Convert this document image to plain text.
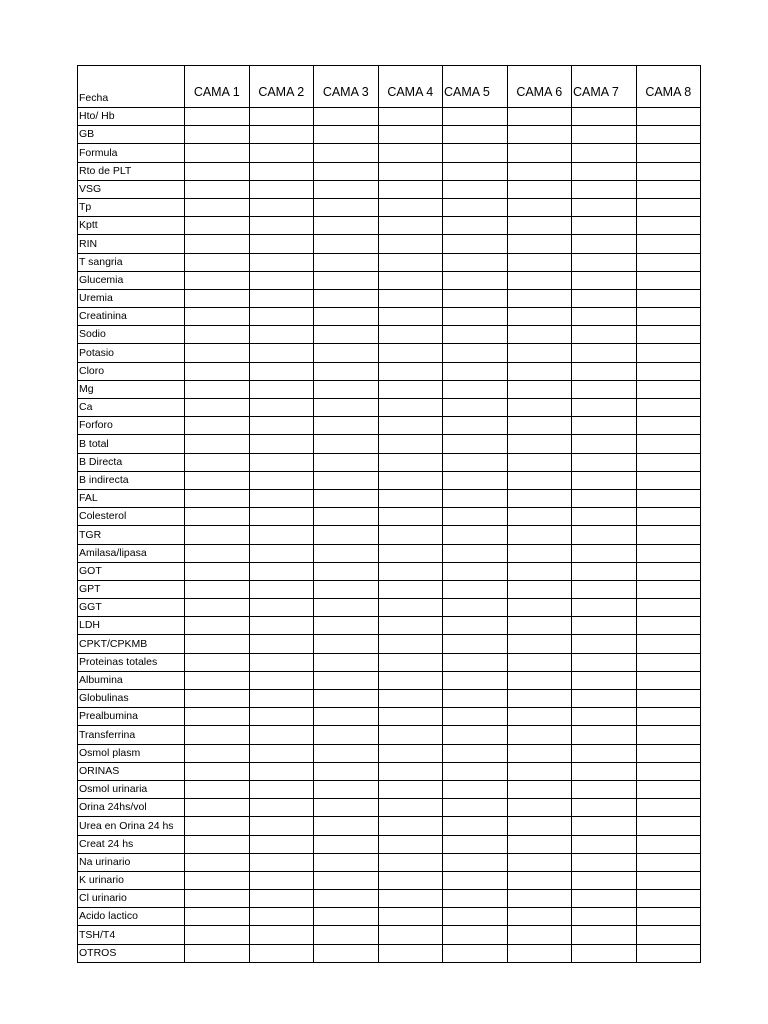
Fecha	CAMA 1	CAMA 2	CAMA 3	CAMA 4	CAMA 5	CAMA 6	CAMA 7	CAMA 8
Hto/ Hb								
GB								
Formula								
Rto de PLT								
VSG								
Tp								
Kptt								
RIN								
T sangria								
Glucemia								
Uremia								
Creatinina								
Sodio								
Potasio								
Cloro								
Mg								
Ca								
Forforo								
B total								
B Directa								
B indirecta								
FAL								
Colesterol								
TGR								
Amilasa/lipasa								
GOT								
GPT								
GGT								
LDH								
CPKT/CPKMB								
Proteinas totales								
Albumina								
Globulinas								
Prealbumina								
Transferrina								
Osmol plasm								
ORINAS								
Osmol urinaria								
Orina 24hs/vol								
Urea en Orina 24 hs								
Creat 24 hs								
Na urinario								
K urinario								
Cl urinario								
Acido lactico								
TSH/T4								
OTROS								
